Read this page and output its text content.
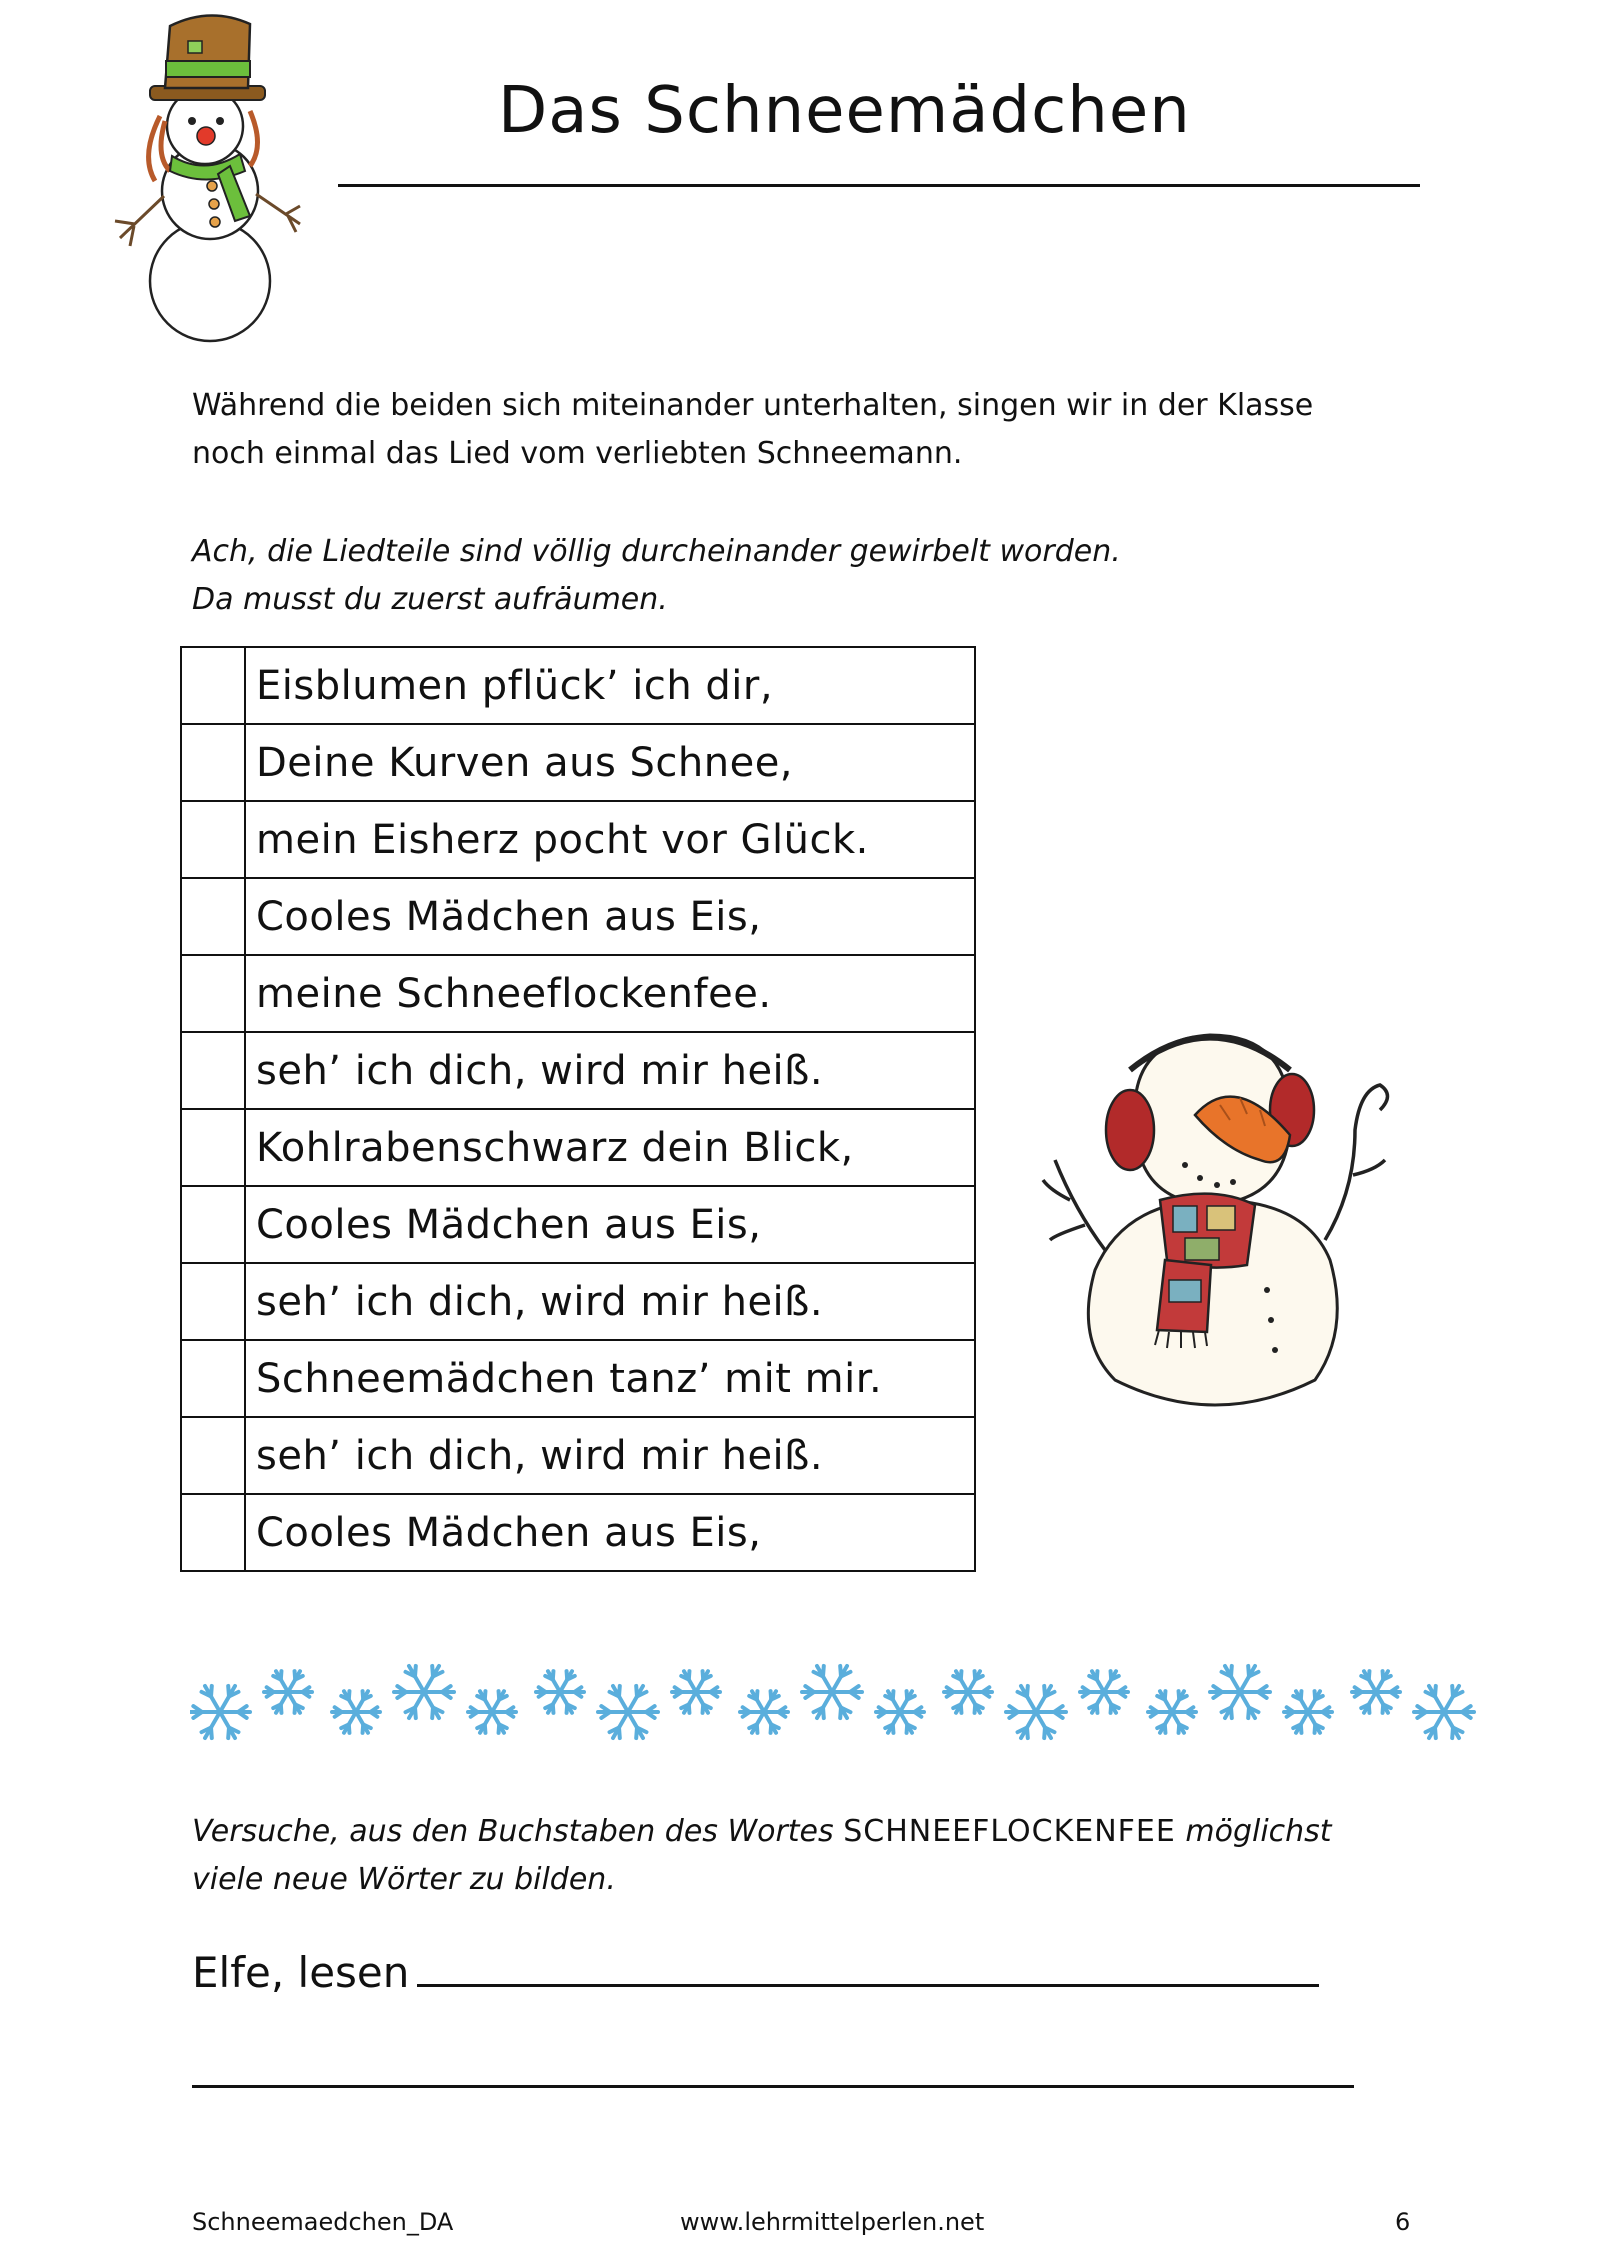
Das Schneemädchen
Während die beiden sich miteinander unterhalten, singen wir in der Klasse
noch einmal das Lied vom verliebten Schneemann.
Ach, die Liedteile sind völlig durcheinander gewirbelt worden.
Da musst du zuerst aufräumen.
	Eisblumen pflück’ ich dir,
	Deine Kurven aus Schnee,
	mein Eisherz pocht vor Glück.
	Cooles Mädchen aus Eis,
	meine Schneeflockenfee.
	seh’ ich dich, wird mir heiß.
	Kohlrabenschwarz dein Blick,
	Cooles Mädchen aus Eis,
	seh’ ich dich, wird mir heiß.
	Schneemädchen tanz’ mit mir.
	seh’ ich dich, wird mir heiß.
	Cooles Mädchen aus Eis,
Versuche, aus den Buchstaben des Wortes SCHNEEFLOCKENFEE möglichst
viele neue Wörter zu bilden.
Elfe, lesen
Schneemaedchen_DA	www.lehrmittelperlen.net	6
